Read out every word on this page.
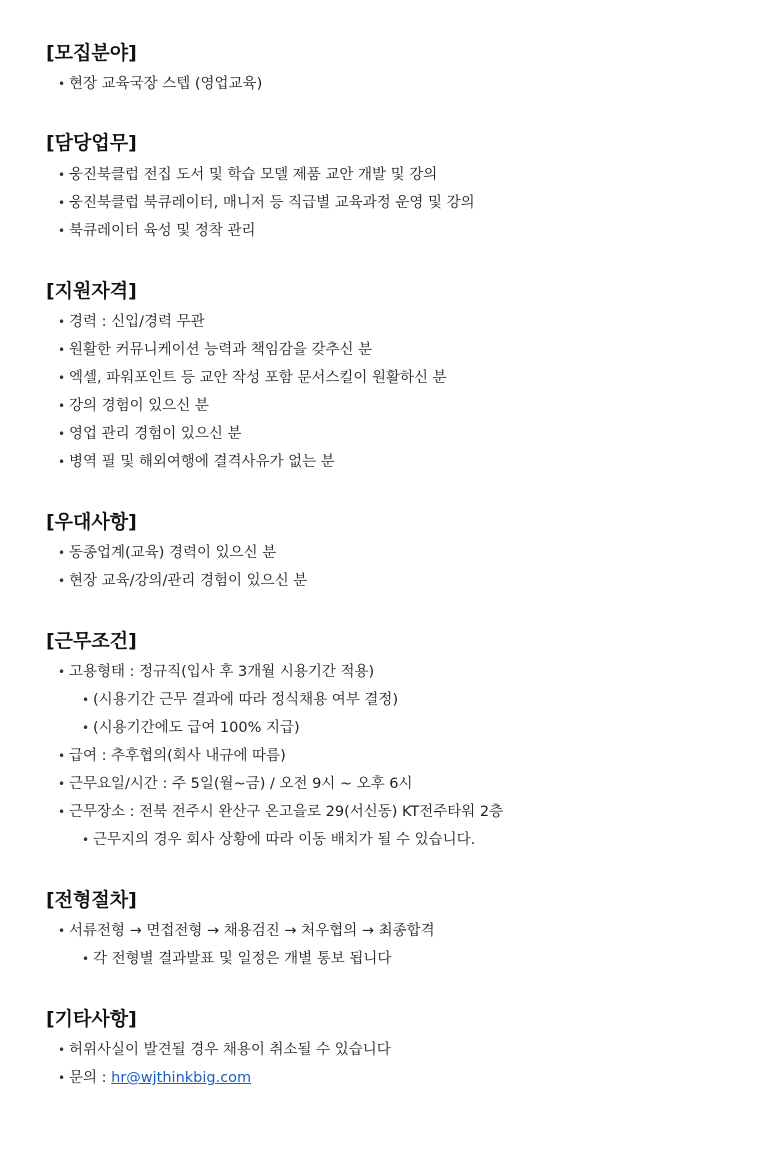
[모집분야]
• 현장 교육국장 스텝 (영업교육)
[담당업무]
• 웅진북클럽 전집 도서 및 학습 모델 제품 교안 개발 및 강의
• 웅진북클럽 북큐레이터, 매니저 등 직급별 교육과정 운영 및 강의
• 북큐레이터 육성 및 정착 관리
[지원자격]
• 경력 : 신입/경력 무관
• 원활한 커뮤니케이션 능력과 책임감을 갖추신 분
• 엑셀, 파워포인트 등 교안 작성 포함 문서스킬이 원활하신 분
• 강의 경험이 있으신 분
• 영업 관리 경험이 있으신 분
• 병역 필 및 해외여행에 결격사유가 없는 분
[우대사항]
• 동종업계(교육) 경력이 있으신 분
• 현장 교육/강의/관리 경험이 있으신 분
[근무조건]
• 고용형태 : 정규직(입사 후 3개월 시용기간 적용)
• (시용기간 근무 결과에 따라 정식채용 여부 결정)
• (시용기간에도 급여 100% 지급)
• 급여 : 추후협의(회사 내규에 따름)
• 근무요일/시간 : 주 5일(월~금) / 오전 9시 ~ 오후 6시
• 근무장소 : 전북 전주시 완산구 온고을로 29(서신동) KT전주타워 2층
• 근무지의 경우 회사 상황에 따라 이동 배치가 될 수 있습니다.
[전형절차]
• 서류전형 → 면접전형 → 채용검진 → 처우협의 → 최종합격
• 각 전형별 결과발표 및 일정은 개별 통보 됩니다
[기타사항]
• 허위사실이 발견될 경우 채용이 취소될 수 있습니다
• 문의 : hr@wjthinkbig.com
